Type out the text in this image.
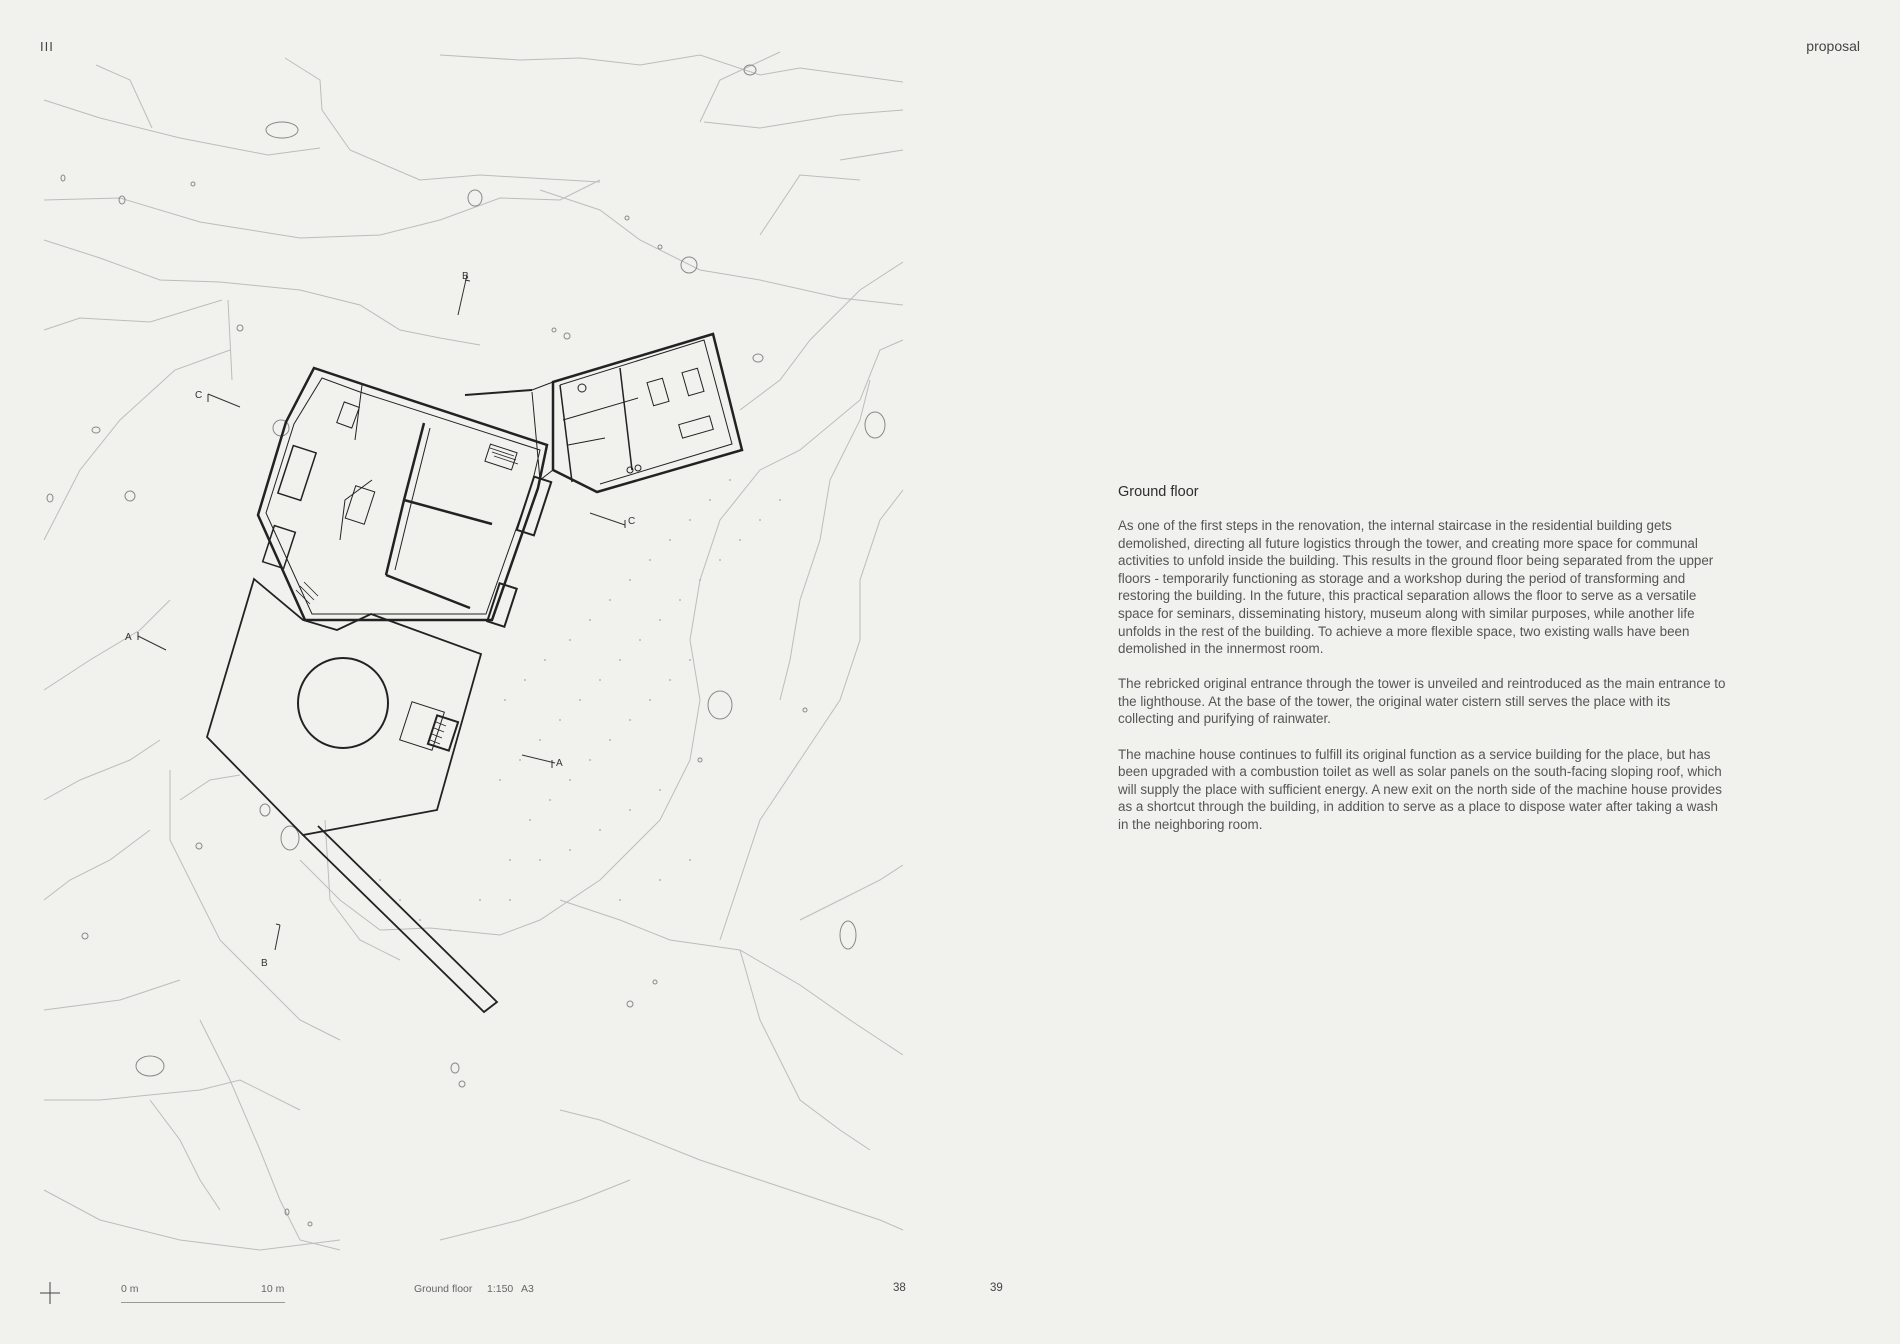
III	proposal
B
B
C
C
A
A
Ground floor

As one of the first steps in the renovation, the internal staircase in the residential building gets demolished, directing all future logistics through the tower, and creating more space for communal activities to unfold inside the building. This results in the ground floor being separated from the upper floors - temporarily functioning as storage and a workshop during the period of transforming and restoring the building. In the future, this practical separation allows the floor to serve as a versatile space for seminars, disseminating history, museum along with similar purposes, while another life unfolds in the rest of the building. To achieve a more flexible space, two existing walls have been demolished in the innermost room.

The rebricked original entrance through the tower is unveiled and reintroduced as the main entrance to the lighthouse. At the base of the tower, the original water cistern still serves the place with its collecting and purifying of rainwater.

The machine house continues to fulfill its original function as a service building for the place, but has been upgraded with a combustion toilet as well as solar panels on the south-facing sloping roof, which will supply the place with sufficient energy. A new exit on the north side of the machine house provides as a shortcut through the building, in addition to serve as a place to dispose water after taking a wash in the neighboring room.

0 m	10 m	Ground floor 1:150 A3	38	39
